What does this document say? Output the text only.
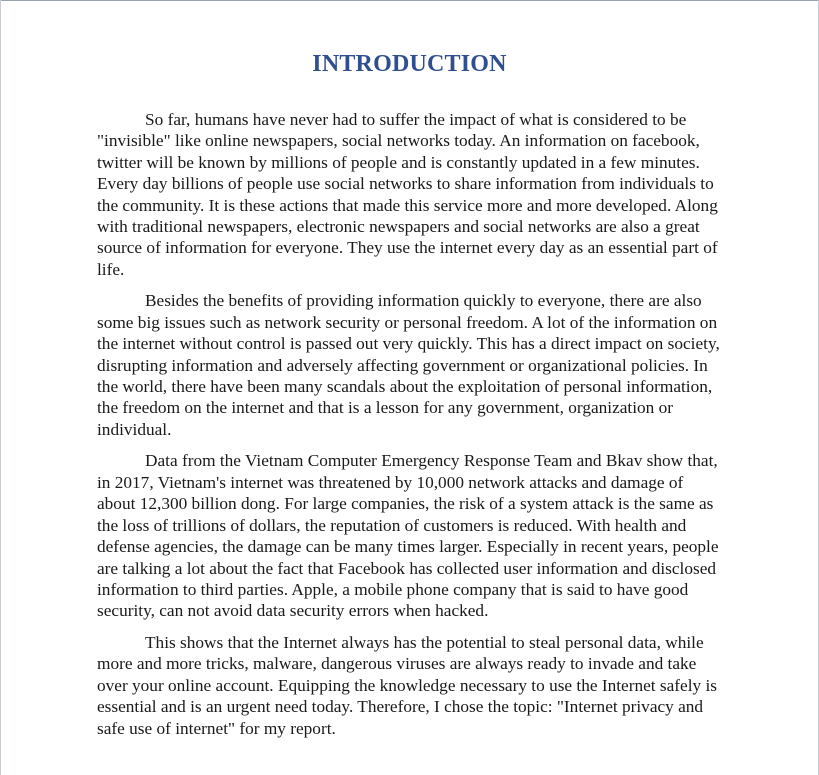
INTRODUCTION

So far, humans have never had to suffer the impact of what is considered to be "invisible" like online newspapers, social networks today. An information on facebook, twitter will be known by millions of people and is constantly updated in a few minutes. Every day billions of people use social networks to share information from individuals to the community. It is these actions that made this service more and more developed. Along with traditional newspapers, electronic newspapers and social networks are also a great source of information for everyone. They use the internet every day as an essential part of life.

Besides the benefits of providing information quickly to everyone, there are also some big issues such as network security or personal freedom. A lot of the information on the internet without control is passed out very quickly. This has a direct impact on society, disrupting information and adversely affecting government or organizational policies. In the world, there have been many scandals about the exploitation of personal information, the freedom on the internet and that is a lesson for any government, organization or individual.

Data from the Vietnam Computer Emergency Response Team and Bkav show that, in 2017, Vietnam's internet was threatened by 10,000 network attacks and damage of about 12,300 billion dong. For large companies, the risk of a system attack is the same as the loss of trillions of dollars, the reputation of customers is reduced. With health and defense agencies, the damage can be many times larger. Especially in recent years, people are talking a lot about the fact that Facebook has collected user information and disclosed information to third parties. Apple, a mobile phone company that is said to have good security, can not avoid data security errors when hacked.

This shows that the Internet always has the potential to steal personal data, while more and more tricks, malware, dangerous viruses are always ready to invade and take over your online account. Equipping the knowledge necessary to use the Internet safely is essential and is an urgent need today. Therefore, I chose the topic: "Internet privacy and safe use of internet" for my report.
